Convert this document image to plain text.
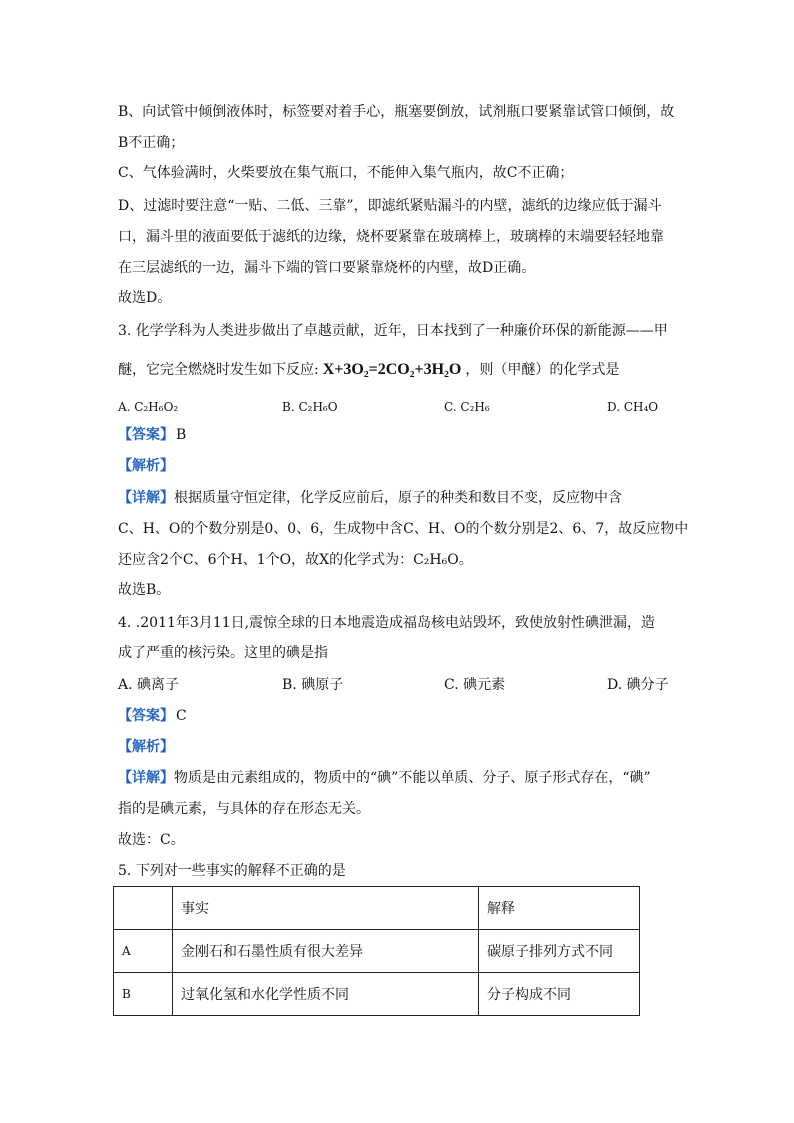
B、向试管中倾倒液体时，标签要对着手心，瓶塞要倒放，试剂瓶口要紧靠试管口倾倒，故
B不正确；
C、气体验满时，火柴要放在集气瓶口，不能伸入集气瓶内，故C不正确；
D、过滤时要注意“一贴、二低、三靠”，即滤纸紧贴漏斗的内壁，滤纸的边缘应低于漏斗
口，漏斗里的液面要低于滤纸的边缘，烧杯要紧靠在玻璃棒上，玻璃棒的末端要轻轻地靠
在三层滤纸的一边，漏斗下端的管口要紧靠烧杯的内壁，故D正确。
故选D。
3. 化学学科为人类进步做出了卓越贡献，近年，日本找到了一种廉价环保的新能源——甲
醚，它完全燃烧时发生如下反应: X+3O₂=2CO₂+3H₂O ，则（甲醚）的化学式是
A. C₂H₆O₂	B. C₂H₆O	C. C₂H₆	D. CH₄O
【答案】 B
【解析】
【详解】根据质量守恒定律，化学反应前后，原子的种类和数目不变，反应物中含
C、H、O的个数分别是0、0、6，生成物中含C、H、O的个数分别是2、6、7，故反应物中
还应含2个C、6个H、1个O，故X的化学式为：C₂H₆O。
故选B。
4. .2011年3月11日,震惊全球的日本地震造成福岛核电站毁坏，致使放射性碘泄漏，造
成了严重的核污染。这里的碘是指
A. 碘离子	B. 碘原子	C. 碘元素	D. 碘分子
【答案】 C
【解析】
【详解】物质是由元素组成的，物质中的“碘”不能以单质、分子、原子形式存在，“碘”
指的是碘元素，与具体的存在形态无关。
故选：C。
5. 下列对一些事实的解释不正确的是
	事实	解释
A	金刚石和石墨性质有很大差异	碳原子排列方式不同
B	过氧化氢和水化学性质不同	分子构成不同
